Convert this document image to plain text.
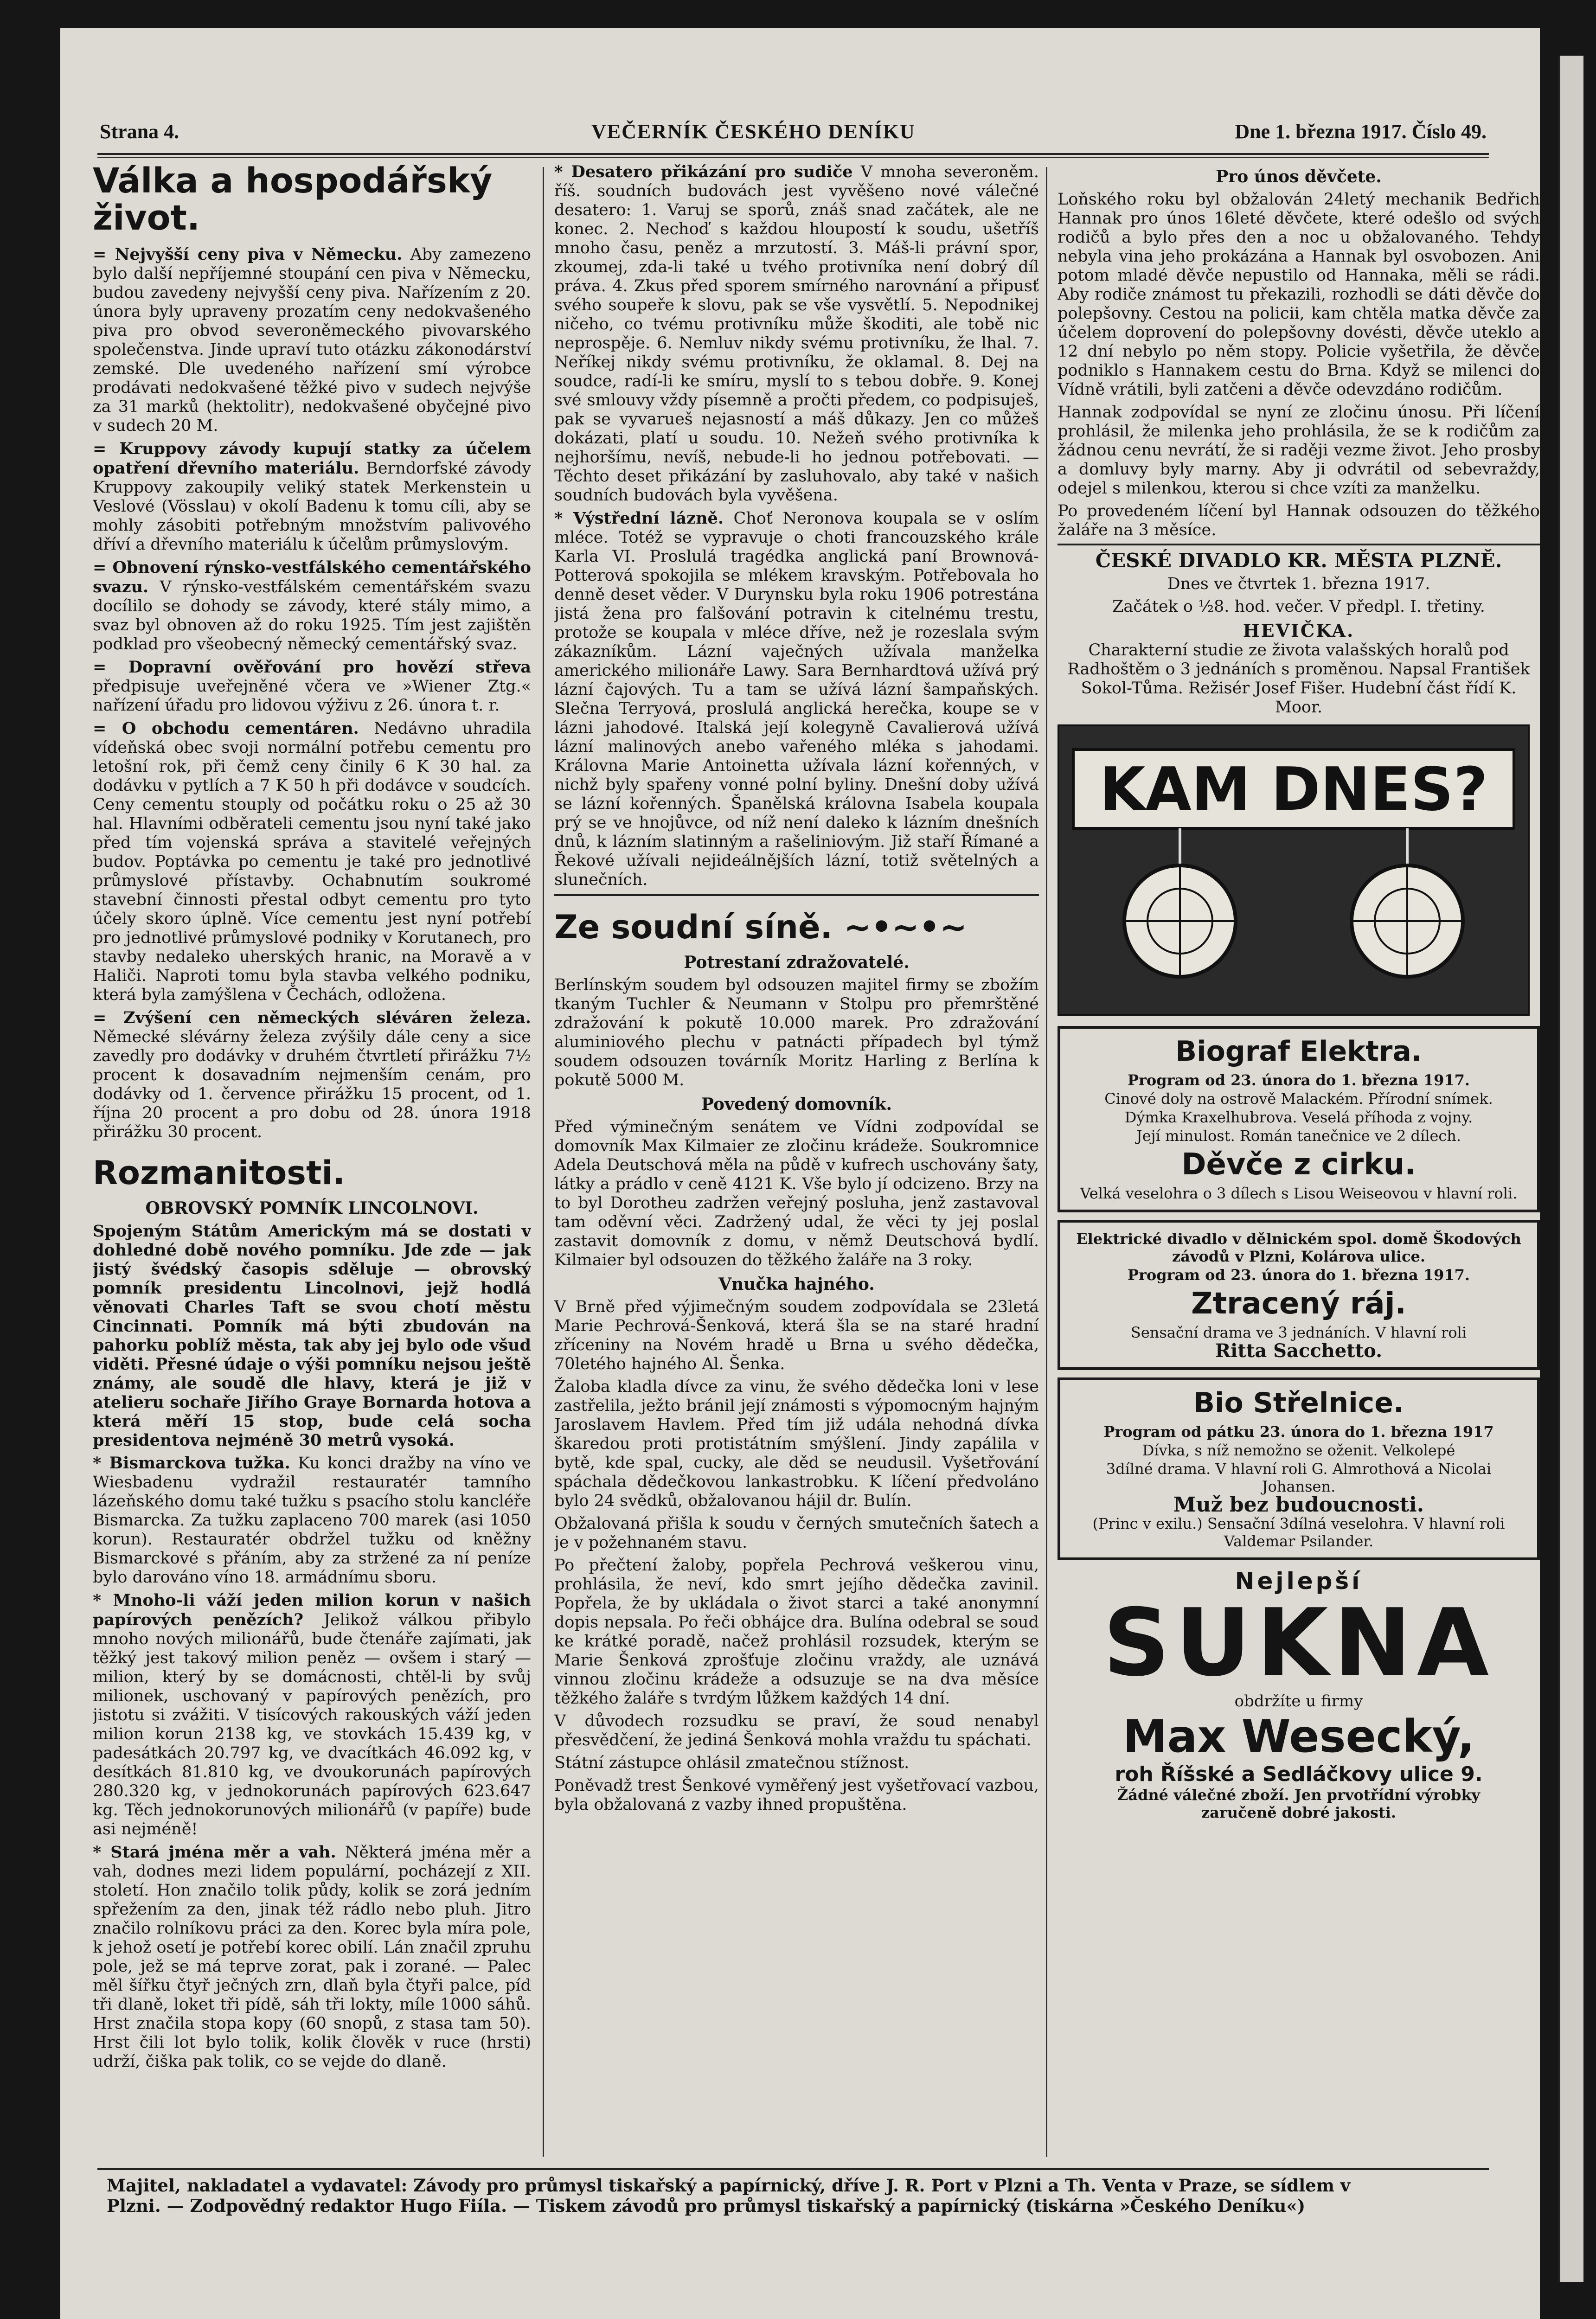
Strana 4.	VEČERNÍK ČESKÉHO DENÍKU	Dne 1. března 1917. Číslo 49.
Válka a hospodářský život.

= Nejvyšší ceny piva v Německu. Aby zamezeno bylo další nepříjemné stoupání cen piva v Německu, budou zavedeny nejvyšší ceny piva. Nařízením z 20. února byly upraveny prozatím ceny nedokvašeného piva pro obvod severoněmeckého pivovarského společenstva. Jinde upraví tuto otázku zákonodárství zemské. Dle uvedeného nařízení smí výrobce prodávati nedokvašené těžké pivo v sudech nejvýše za 31 marků (hektolitr), nedokvašené obyčejné pivo v sudech 20 M.

= Kruppovy závody kupují statky za účelem opatření dřevního materiálu. Berndorfské závody Kruppovy zakoupily veliký statek Merkenstein u Veslové (Vösslau) v okolí Badenu k tomu cíli, aby se mohly zásobiti potřebným množstvím palivového dříví a dřevního materiálu k účelům průmyslovým.

= Obnovení rýnsko-vestfálského cementářského svazu. V rýnsko-vestfálském cementářském svazu docílilo se dohody se závody, které stály mimo, a svaz byl obnoven až do roku 1925. Tím jest zajištěn podklad pro všeobecný německý cementářský svaz.

= Dopravní ověřování pro hovězí střeva předpisuje uveřejněné včera ve »Wiener Ztg.« nařízení úřadu pro lidovou výživu z 26. února t. r.

= O obchodu cementáren. Nedávno uhradila vídeňská obec svoji normální potřebu cementu pro letošní rok, při čemž ceny činily 6 K 30 hal. za dodávku v pytlích a 7 K 50 h při dodávce v soudcích. Ceny cementu stouply od počátku roku o 25 až 30 hal. Hlavními odběrateli cementu jsou nyní také jako před tím vojenská správa a stavitelé veřejných budov. Poptávka po cementu je také pro jednotlivé průmyslové přístavby. Ochabnutím soukromé stavební činnosti přestal odbyt cementu pro tyto účely skoro úplně. Více cementu jest nyní potřebí pro jednotlivé průmyslové podniky v Korutanech, pro stavby nedaleko uherských hranic, na Moravě a v Haliči. Naproti tomu byla stavba velkého podniku, která byla zamýšlena v Čechách, odložena.

= Zvýšení cen německých sléváren železa. Německé slévárny železa zvýšily dále ceny a sice zavedly pro dodávky v druhém čtvrtletí přirážku 7½ procent k dosavadním nejmenším cenám, pro dodávky od 1. července přirážku 15 procent, od 1. října 20 procent a pro dobu od 28. února 1918 přirážku 30 procent.

Rozmanitosti.
OBROVSKÝ POMNÍK LINCOLNOVI.

Spojeným Státům Americkým má se dostati v dohledné době nového pomníku. Jde zde — jak jistý švédský časopis sděluje — obrovský pomník presidentu Lincolnovi, jejž hodlá věnovati Charles Taft se svou chotí městu Cincinnati. Pomník má býti zbudován na pahorku poblíž města, tak aby jej bylo ode všud viděti. Přesné údaje o výši pomníku nejsou ještě známy, ale soudě dle hlavy, která je již v atelieru sochaře Jiřího Graye Bornarda hotova a která měří 15 stop, bude celá socha presidentova nejméně 30 metrů vysoká.

* Bismarckova tužka. Ku konci dražby na víno ve Wiesbadenu vydražil restauratér tamního lázeňského domu také tužku s psacího stolu kancléře Bismarcka. Za tužku zaplaceno 700 marek (asi 1050 korun). Restauratér obdržel tužku od kněžny Bismarckové s přáním, aby za stržené za ní peníze bylo darováno víno 18. armádnímu sboru.

* Mnoho-li váží jeden milion korun v našich papírových penězích? Jelikož válkou přibylo mnoho nových milionářů, bude čtenáře zajímati, jak těžký jest takový milion peněz — ovšem i starý — milion, který by se domácnosti, chtěl-li by svůj milionek, uschovaný v papírových penězích, pro jistotu si zvážiti. V tisícových rakouských váží jeden milion korun 2138 kg, ve stovkách 15.439 kg, v padesátkách 20.797 kg, ve dvacítkách 46.092 kg, v desítkách 81.810 kg, ve dvoukorunách papírových 280.320 kg, v jednokorunách papírových 623.647 kg. Těch jednokorunových milionářů (v papíře) bude asi nejméně!

* Stará jména měr a vah. Některá jména měr a vah, dodnes mezi lidem populární, pocházejí z XII. století. Hon značilo tolik půdy, kolik se zorá jedním spřežením za den, jinak též rádlo nebo pluh. Jitro značilo rolníkovu práci za den. Korec byla míra pole, k jehož osetí je potřebí korec obilí. Lán značil zpruhu pole, jež se má teprve zorat, pak i zorané. — Palec měl šířku čtyř ječných zrn, dlaň byla čtyři palce, píď tři dlaně, loket tři pídě, sáh tři lokty, míle 1000 sáhů. Hrst značila stopa kopy (60 snopů, z stasa tam 50). Hrst čili lot bylo tolik, kolik člověk v ruce (hrsti) udrží, čiška pak tolik, co se vejde do dlaně.

* Desatero přikázání pro sudiče V mnoha severoněm. říš. soudních budovách jest vyvěšeno nové válečné desatero: 1. Varuj se sporů, znáš snad začátek, ale ne konec. 2. Nechoď s každou hloupostí k soudu, ušetříš mnoho času, peněz a mrzutostí. 3. Máš-li právní spor, zkoumej, zda-li také u tvého protivníka není dobrý díl práva. 4. Zkus před sporem smírného narovnání a připusť svého soupeře k slovu, pak se vše vysvětlí. 5. Nepodnikej ničeho, co tvému protivníku může škoditi, ale tobě nic neprospěje. 6. Nemluv nikdy svému protivníku, že lhal. 7. Neříkej nikdy svému protivníku, že oklamal. 8. Dej na soudce, radí-li ke smíru, myslí to s tebou dobře. 9. Konej své smlouvy vždy písemně a pročti předem, co podpisuješ, pak se vyvarueš nejasností a máš důkazy. Jen co můžeš dokázati, platí u soudu. 10. Nežeň svého protivníka k nejhoršímu, nevíš, nebude-li ho jednou potřebovati. — Těchto deset přikázání by zasluhovalo, aby také v našich soudních budovách byla vyvěšena.

* Výstřední lázně. Choť Neronova koupala se v oslím mléce. Totéž se vypravuje o choti francouzského krále Karla VI. Proslulá tragédka anglická paní Brownová-Potterová spokojila se mlékem kravským. Potřebovala ho denně deset věder. V Durynsku byla roku 1906 potrestána jistá žena pro falšování potravin k citelnému trestu, protože se koupala v mléce dříve, než je rozeslala svým zákazníkům. Lázní vaječných užívala manželka amerického milionáře Lawy. Sara Bernhardtová užívá prý lázní čajových. Tu a tam se užívá lázní šampaňských. Slečna Terryová, proslulá anglická herečka, koupe se v lázni jahodové. Italská její kolegyně Cavalierová užívá lázní malinových anebo vařeného mléka s jahodami. Královna Marie Antoinetta užívala lázní kořenných, v nichž byly spařeny vonné polní byliny. Dnešní doby užívá se lázní kořenných. Španělská královna Isabela koupala prý se ve hnojůvce, od níž není daleko k lázním dnešních dnů, k lázním slatinným a rašeliniovým. Již staří Římané a Řekové užívali nejideálnějších lázní, totiž světelných a slunečních.

Ze soudní síně. ~•~•~
Potrestaní zdražovatelé.

Berlínským soudem byl odsouzen majitel firmy se zbožím tkaným Tuchler & Neumann v Stolpu pro přemrštěné zdražování k pokutě 10.000 marek. Pro zdražování aluminiového plechu v patnácti případech byl týmž soudem odsouzen továrník Moritz Harling z Berlína k pokutě 5000 M.

Povedený domovník.

Před výminečným senátem ve Vídni zodpovídal se domovník Max Kilmaier ze zločinu krádeže. Soukromnice Adela Deutschová měla na půdě v kufrech uschovány šaty, látky a prádlo v ceně 4121 K. Vše bylo jí odcizeno. Brzy na to byl Dorotheu zadržen veřejný posluha, jenž zastavoval tam oděvní věci. Zadržený udal, že věci ty jej poslal zastavit domovník z domu, v němž Deutschová bydlí. Kilmaier byl odsouzen do těžkého žaláře na 3 roky.

Vnučka hajného.

V Brně před výjimečným soudem zodpovídala se 23letá Marie Pechrová-Šenková, která šla se na staré hradní zříceniny na Novém hradě u Brna u svého dědečka, 70letého hajného Al. Šenka.

Žaloba kladla dívce za vinu, že svého dědečka loni v lese zastřelila, ježto bránil její známosti s výpomocným hajným Jaroslavem Havlem. Před tím již udála nehodná dívka škaredou proti protistátním smýšlení. Jindy zapálila v bytě, kde spal, cucky, ale děd se neudusil. Vyšetřování spáchala dědečkovou lankastrobku. K líčení předvoláno bylo 24 svědků, obžalovanou hájil dr. Bulín.

Obžalovaná přišla k soudu v černých smutečních šatech a je v požehnaném stavu.

Po přečtení žaloby, popřela Pechrová veškerou vinu, prohlásila, že neví, kdo smrt jejího dědečka zavinil. Popřela, že by ukládala o život starci a také anonymní dopis nepsala. Po řeči obhájce dra. Bulína odebral se soud ke krátké poradě, načež prohlásil rozsudek, kterým se Marie Šenková zprošťuje zločinu vraždy, ale uznává vinnou zločinu krádeže a odsuzuje se na dva měsíce těžkého žaláře s tvrdým lůžkem každých 14 dní.

V důvodech rozsudku se praví, že soud nenabyl přesvědčení, že jediná Šenková mohla vraždu tu spáchati.

Státní zástupce ohlásil zmatečnou stížnost.

Poněvadž trest Šenkové vyměřený jest vyšetřovací vazbou, byla obžalovaná z vazby ihned propuštěna.

Pro únos děvčete.

Loňského roku byl obžalován 24letý mechanik Bedřich Hannak pro únos 16leté děvčete, které odešlo od svých rodičů a bylo přes den a noc u obžalovaného. Tehdy nebyla vina jeho prokázána a Hannak byl osvobozen. Ani potom mladé děvče nepustilo od Hannaka, měli se rádi. Aby rodiče známost tu překazili, rozhodli se dáti děvče do polepšovny. Cestou na policii, kam chtěla matka děvče za účelem doprovení do polepšovny dovésti, děvče uteklo a 12 dní nebylo po něm stopy. Policie vyšetřila, že děvče podniklo s Hannakem cestu do Brna. Když se milenci do Vídně vrátili, byli zatčeni a děvče odevzdáno rodičům.

Hannak zodpovídal se nyní ze zločinu únosu. Při líčení prohlásil, že milenka jeho prohlásila, že se k rodičům za žádnou cenu nevrátí, že si raději vezme život. Jeho prosby a domluvy byly marny. Aby ji odvrátil od sebevraždy, odejel s milenkou, kterou si chce vzíti za manželku.

Po provedeném líčení byl Hannak odsouzen do těžkého žaláře na 3 měsíce.

ČESKÉ DIVADLO KR. MĚSTA PLZNĚ.

Dnes ve čtvrtek 1. března 1917.

Začátek o ½8. hod. večer. V předpl. I. třetiny.

HEVIČKA.

Charakterní studie ze života valašských horalů pod Radhoštěm o 3 jednáních s proměnou. Napsal František Sokol-Tůma. Režisér Josef Fišer. Hudební část řídí K. Moor.

KAM DNES?
Biograf Elektra.
Program od 23. února do 1. března 1917.
Cinové doly na ostrově Malackém. Přírodní snímek.
Dýmka Kraxelhubrova. Veselá příhoda z vojny.
Její minulost. Román tanečnice ve 2 dílech.
Děvče z cirku.
Velká veselohra o 3 dílech s Lisou Weiseovou v hlavní roli.
Elektrické divadlo v dělnickém spol. domě Škodových závodů v Plzni, Kolárova ulice.
Program od 23. února do 1. března 1917.
Ztracený ráj.
Sensační drama ve 3 jednáních. V hlavní roli
Ritta Sacchetto.
Bio Střelnice.
Program od pátku 23. února do 1. března 1917
Dívka, s níž nemožno se oženit. Velkolepé
3dílné drama. V hlavní roli G. Almrothová a Nicolai Johansen.
Muž bez budoucnosti.
(Princ v exilu.) Sensační 3dílná veselohra. V hlavní roli Valdemar Psilander.
Nejlepší
SUKNA
obdržíte u firmy
Max Wesecký,
roh Říšské a Sedláčkovy ulice 9.
Žádné válečné zboží. Jen prvotřídní výrobky
zaručeně dobré jakosti.
Majitel, nakladatel a vydavatel: Závody pro průmysl tiskařský a papírnický, dříve J. R. Port v Plzni a Th. Venta v Praze, se sídlem v
Plzni. — Zodpovědný redaktor Hugo Fiíla. — Tiskem závodů pro průmysl tiskařský a papírnický (tiskárna »Českého Deníku«)
